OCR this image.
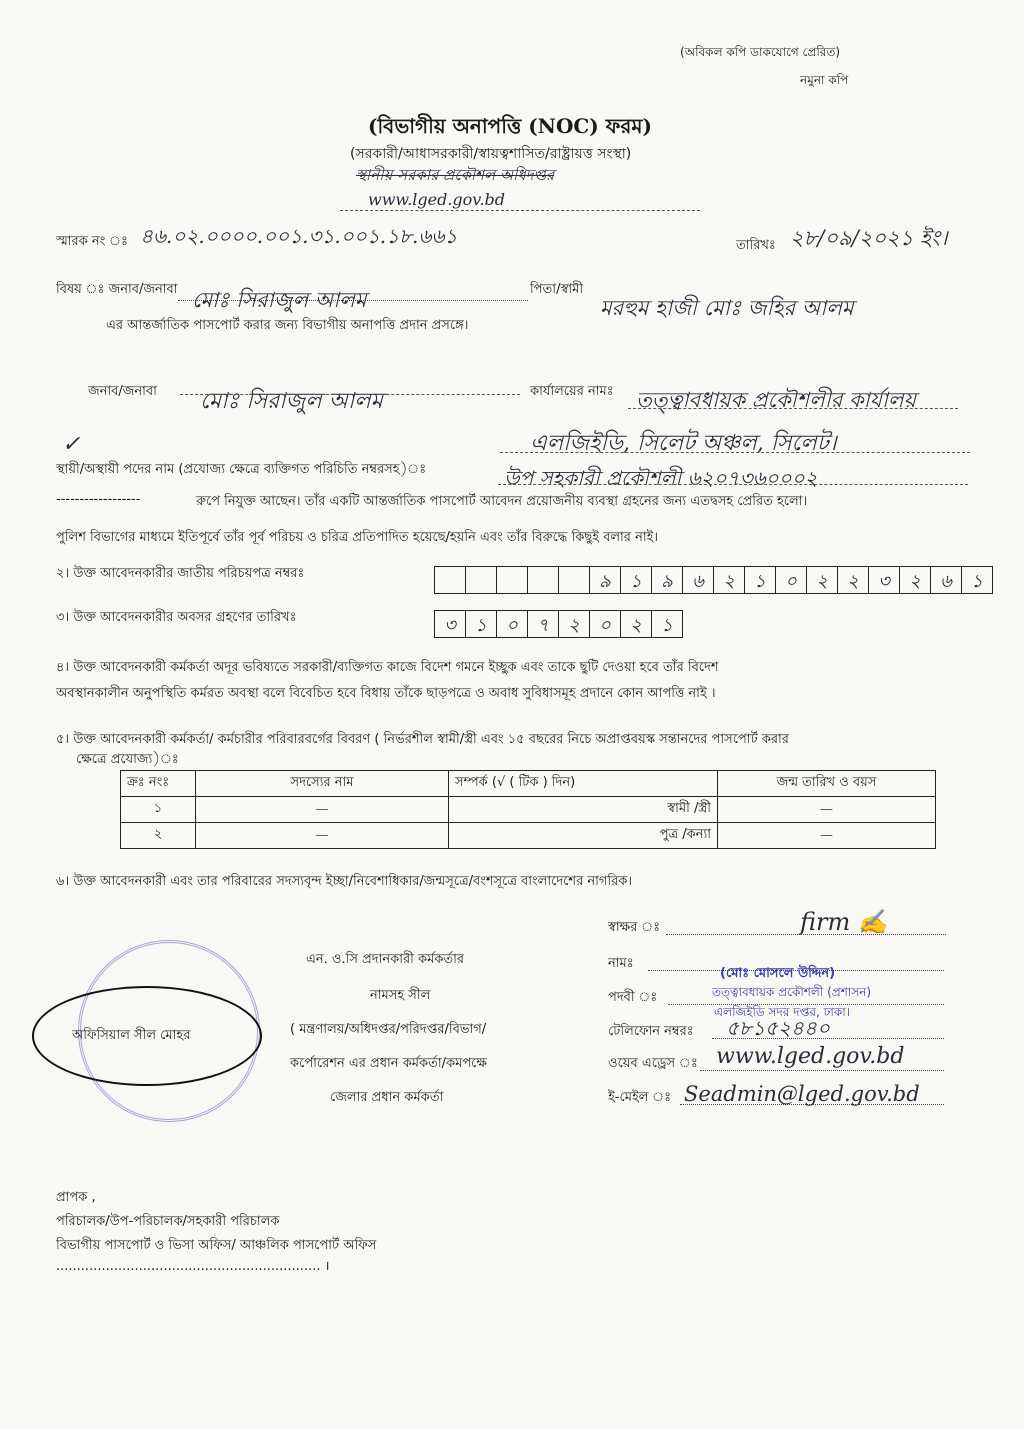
(অবিকল কপি ডাকযোগে প্রেরিত)
নমুনা কপি
(বিভাগীয় অনাপত্তি (NOC) ফরম)
(সরকারী/আধাসরকারী/স্বায়ত্বশাসিত/রাষ্ট্রায়ত্ত সংস্থা)
স্থানীয় সরকার প্রকৌশল অধিদপ্তর
www.lged.gov.bd
স্মারক নং ঃ ৪৬.০২.০০০০.০০১.৩১.০০১.১৮.৬৬১	তারিখঃ ২৮/০৯/২০২১ ইং।
বিষয় ঃ জনাব/জনাবা মোঃ সিরাজুল আলম	পিতা/স্বামী
মরহুম হাজী মোঃ জহির আলম
এর আন্তর্জাতিক পাসপোর্ট করার জন্য বিভাগীয় অনাপত্তি প্রদান প্রসঙ্গে।
জনাব/জনাবা মোঃ সিরাজুল আলম	কার্যালয়ের নামঃ তত্ত্বাবধায়ক প্রকৌশলীর কার্যালয়
এলজিইডি, সিলেট অঞ্চল, সিলেট।
✓
স্থায়ী/অস্থায়ী পদের নাম (প্রযোজ্য ক্ষেত্রে ব্যক্তিগত পরিচিতি নম্বরসহ)ঃ	উপ সহকারী প্রকৌশলী ৬২০৭৩৬০০০২
------------------	রুপে নিযুক্ত আছেন। তাঁর একটি আন্তর্জাতিক পাসপোর্ট আবেদন প্রয়োজনীয় ব্যবস্থা গ্রহনের জন্য এতদ্বসহ প্রেরিত হলো।
পুলিশ বিভাগের মাধ্যমে ইতিপূর্বে তাঁর পূর্ব পরিচয় ও চরিত্র প্রতিপাদিত হয়েছে/হয়নি এবং তাঁর বিরুদ্ধে কিছুই বলার নাই।
২। উক্ত আবেদনকারীর জাতীয় পরিচয়পত্র নম্বরঃ	৯	১	৯	৬	২	১	০	২	২	৩	২	৬	১
৩। উক্ত আবেদনকারীর অবসর গ্রহণের তারিখঃ	৩	১	০	৭	২	০	২	১
৪। উক্ত আবেদনকারী কর্মকর্তা অদূর ভবিষ্যতে সরকারী/ব্যক্তিগত কাজে বিদেশ গমনে ইচ্ছুক এবং তাকে ছুটি দেওয়া হবে তাঁর বিদেশ
অবস্থানকালীন অনুপস্থিতি কর্মরত অবস্থা বলে বিবেচিত হবে বিধায় তাঁকে ছাড়পত্রে ও অবাধ সুবিধাসমূহ প্রদানে কোন আপত্তি নাই ।
৫। উক্ত আবেদনকারী কর্মকর্তা/ কর্মচারীর পরিবারবর্গের বিবরণ ( নির্ভরশীল স্বামী/স্ত্রী এবং ১৫ বছরের নিচে অপ্রাপ্তবয়স্ক সন্তানদের পাসপোর্ট করার
ক্ষেত্রে প্রযোজ্য)ঃ
ক্রঃ নংঃ	সদস্যের নাম	সম্পর্ক (√ ( টিক ) দিন)	জন্ম তারিখ ও বয়স
১	—	স্বামী /স্ত্রী	—
২	—	পুত্র /কন্যা	—
৬। উক্ত আবেদনকারী এবং তার পরিবারের সদস্যবৃন্দ ইচ্ছা/নিবেশাধিকার/জন্মসূত্রে/বংশসূত্রে বাংলাদেশের নাগরিক।
এন. ও.সি প্রদানকারী কর্মকর্তার
নামসহ সীল
( মন্ত্রণালয়/অধিদপ্তর/পরিদপ্তর/বিভাগ/
কর্পোরেশন এর প্রধান কর্মকর্তা/কমপক্ষে
জেলার প্রধান কর্মকর্তা
অফিসিয়াল সীল মোহর
স্বাক্ষর ঃ	ﬁrm ✍
নামঃ
(মোঃ মোসলে উদ্দিন)
পদবী ঃ	তত্ত্বাবধায়ক প্রকৌশলী (প্রশাসন)
এলজিইডি সদর দপ্তর, ঢাকা।
টেলিফোন নম্বরঃ ৫৮১৫২৪৪০
ওয়েব এড্রেস ঃ www.lged.gov.bd
ই-মেইল ঃ Seadmin@lged.gov.bd
প্রাপক ,
পরিচালক/উপ-পরিচালক/সহকারী পরিচালক
বিভাগীয় পাসপোর্ট ও ভিসা অফিস/ আঞ্চলিক পাসপোর্ট অফিস
................................................................ ।
